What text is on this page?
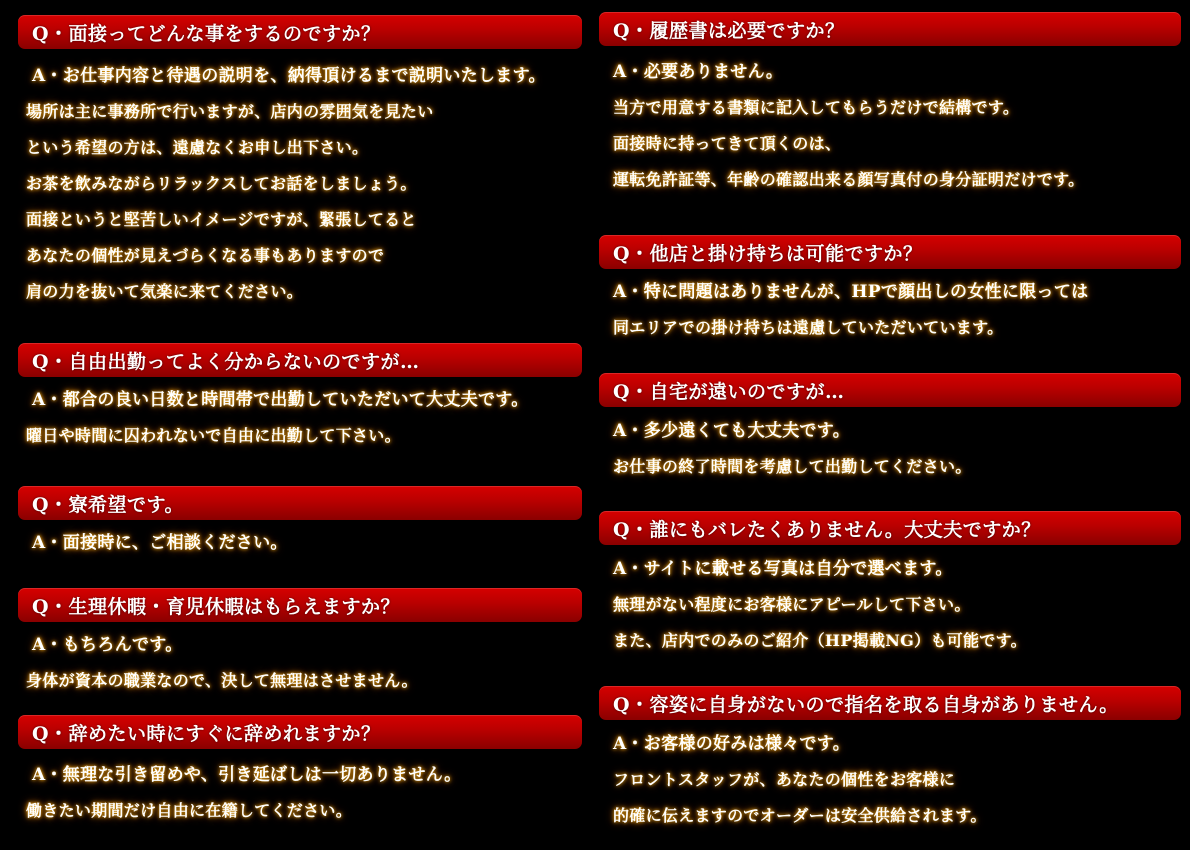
Q・面接ってどんな事をするのですか？
A・お仕事内容と待遇の説明を、納得頂けるまで説明いたします。
場所は主に事務所で行いますが、店内の雰囲気を見たい
という希望の方は、遠慮なくお申し出下さい。
お茶を飲みながらリラックスしてお話をしましょう。
面接というと堅苦しいイメージですが、緊張してると
あなたの個性が見えづらくなる事もありますので
肩の力を抜いて気楽に来てください。
Q・自由出勤ってよく分からないのですが…
A・都合の良い日数と時間帯で出勤していただいて大丈夫です。
曜日や時間に囚われないで自由に出勤して下さい。
Q・寮希望です。
A・面接時に、ご相談ください。
Q・生理休暇・育児休暇はもらえますか？
A・もちろんです。
身体が資本の職業なので、決して無理はさせません。
Q・辞めたい時にすぐに辞めれますか？
A・無理な引き留めや、引き延ばしは一切ありません。
働きたい期間だけ自由に在籍してください。
Q・履歴書は必要ですか？
A・必要ありません。
当方で用意する書類に記入してもらうだけで結構です。
面接時に持ってきて頂くのは、
運転免許証等、年齢の確認出来る顔写真付の身分証明だけです。
Q・他店と掛け持ちは可能ですか？
A・特に問題はありませんが、HPで顔出しの女性に限っては
同エリアでの掛け持ちは遠慮していただいています。
Q・自宅が遠いのですが…
A・多少遠くても大丈夫です。
お仕事の終了時間を考慮して出勤してください。
Q・誰にもバレたくありません。大丈夫ですか？
A・サイトに載せる写真は自分で選べます。
無理がない程度にお客様にアピールして下さい。
また、店内でのみのご紹介（HP掲載NG）も可能です。
Q・容姿に自身がないので指名を取る自身がありません。
A・お客様の好みは様々です。
フロントスタッフが、あなたの個性をお客様に
的確に伝えますのでオーダーは安全供給されます。
